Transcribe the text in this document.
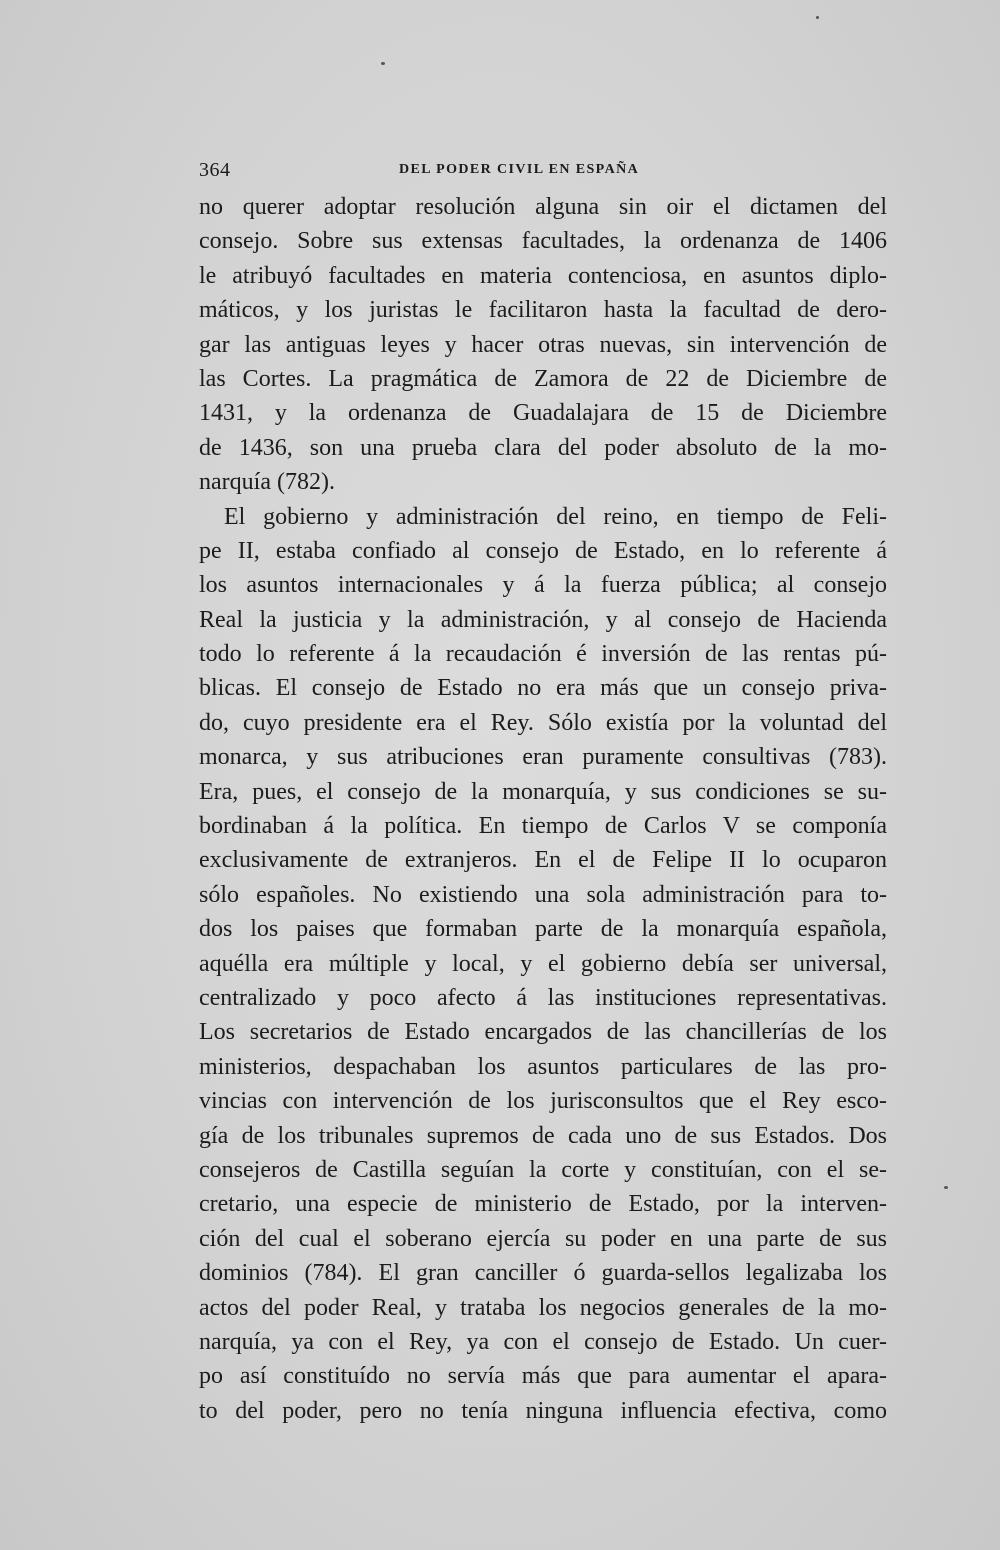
364	DEL PODER CIVIL EN ESPAÑA
no querer adoptar resolución alguna sin oir el dictamen del
consejo. Sobre sus extensas facultades, la ordenanza de 1406
le atribuyó facultades en materia contenciosa, en asuntos diplo-
máticos, y los juristas le facilitaron hasta la facultad de dero-
gar las antiguas leyes y hacer otras nuevas, sin intervención de
las Cortes. La pragmática de Zamora de 22 de Diciembre de
1431, y la ordenanza de Guadalajara de 15 de Diciembre
de 1436, son una prueba clara del poder absoluto de la mo-
narquía (782).
El gobierno y administración del reino, en tiempo de Feli-
pe II, estaba confiado al consejo de Estado, en lo referente á
los asuntos internacionales y á la fuerza pública; al consejo
Real la justicia y la administración, y al consejo de Hacienda
todo lo referente á la recaudación é inversión de las rentas pú-
blicas. El consejo de Estado no era más que un consejo priva-
do, cuyo presidente era el Rey. Sólo existía por la voluntad del
monarca, y sus atribuciones eran puramente consultivas (783).
Era, pues, el consejo de la monarquía, y sus condiciones se su-
bordinaban á la política. En tiempo de Carlos V se componía
exclusivamente de extranjeros. En el de Felipe II lo ocuparon
sólo españoles. No existiendo una sola administración para to-
dos los paises que formaban parte de la monarquía española,
aquélla era múltiple y local, y el gobierno debía ser universal,
centralizado y poco afecto á las instituciones representativas.
Los secretarios de Estado encargados de las chancillerías de los
ministerios, despachaban los asuntos particulares de las pro-
vincias con intervención de los jurisconsultos que el Rey esco-
gía de los tribunales supremos de cada uno de sus Estados. Dos
consejeros de Castilla seguían la corte y constituían, con el se-
cretario, una especie de ministerio de Estado, por la interven-
ción del cual el soberano ejercía su poder en una parte de sus
dominios (784). El gran canciller ó guarda-sellos legalizaba los
actos del poder Real, y trataba los negocios generales de la mo-
narquía, ya con el Rey, ya con el consejo de Estado. Un cuer-
po así constituído no servía más que para aumentar el apara-
to del poder, pero no tenía ninguna influencia efectiva, como
